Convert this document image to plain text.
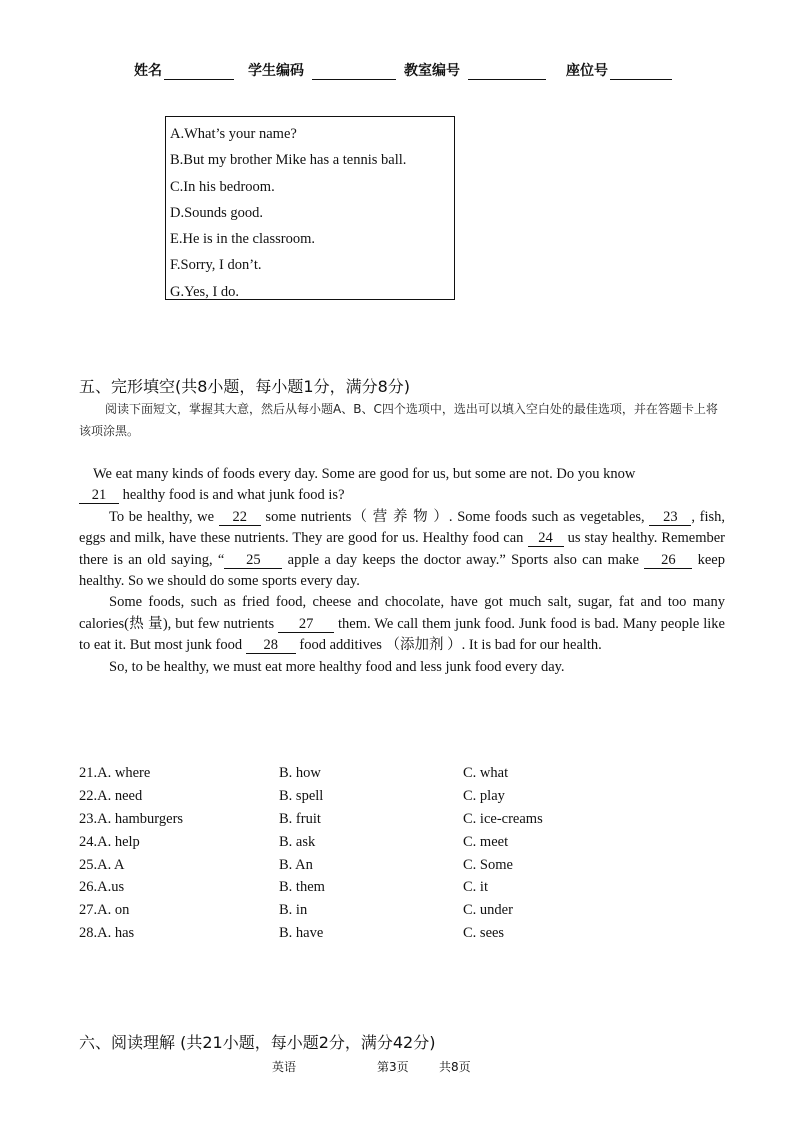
姓名	学生编码	教室编号	座位号
A.What’s your name?
B.But my brother Mike has a tennis ball.
C.In his bedroom.
D.Sounds good.
E.He is in the classroom.
F.Sorry, I don’t.
G.Yes, I do.
五、完形填空(共8小题，每小题1分，满分8分)
阅读下面短文，掌握其大意，然后从每小题A、B、C四个选项中，选出可以填入空白处的最佳选项，并在答题卡上将该项涂黑。

We eat many kinds of foods every day. Some are good for us, but some are not. Do you know
21 healthy food is and what junk food is?

To be healthy, we 22 some nutrients（ 营 养 物 ）. Some foods such as vegetables, 23 , fish, eggs and milk, have these nutrients. They are good for us. Healthy food can 24 us stay healthy. Remember there is an old saying, “ 25 apple a day keeps the doctor away.” Sports also can make 26 keep healthy. So we should do some sports every day.

Some foods, such as fried food, cheese and chocolate, have got much salt, sugar, fat and too many calories(热 量), but few nutrients 27 them. We call them junk food. Junk food is bad. Many people like to eat it. But most junk food 28 food additives （添加剂 ）. It is bad for our health.

So, to be healthy, we must eat more healthy food and less junk food every day.

21.A. where	B. how	C. what
22.A. need	B. spell	C. play
23.A. hamburgers	B. fruit	C. ice-creams
24.A. help	B. ask	C. meet
25.A. A	B. An	C. Some
26.A.us	B. them	C. it
27.A. on	B. in	C. under
28.A. has	B. have	C. sees
六、阅读理解 (共21小题，每小题2分，满分42分)
英语	第3页	共8页
